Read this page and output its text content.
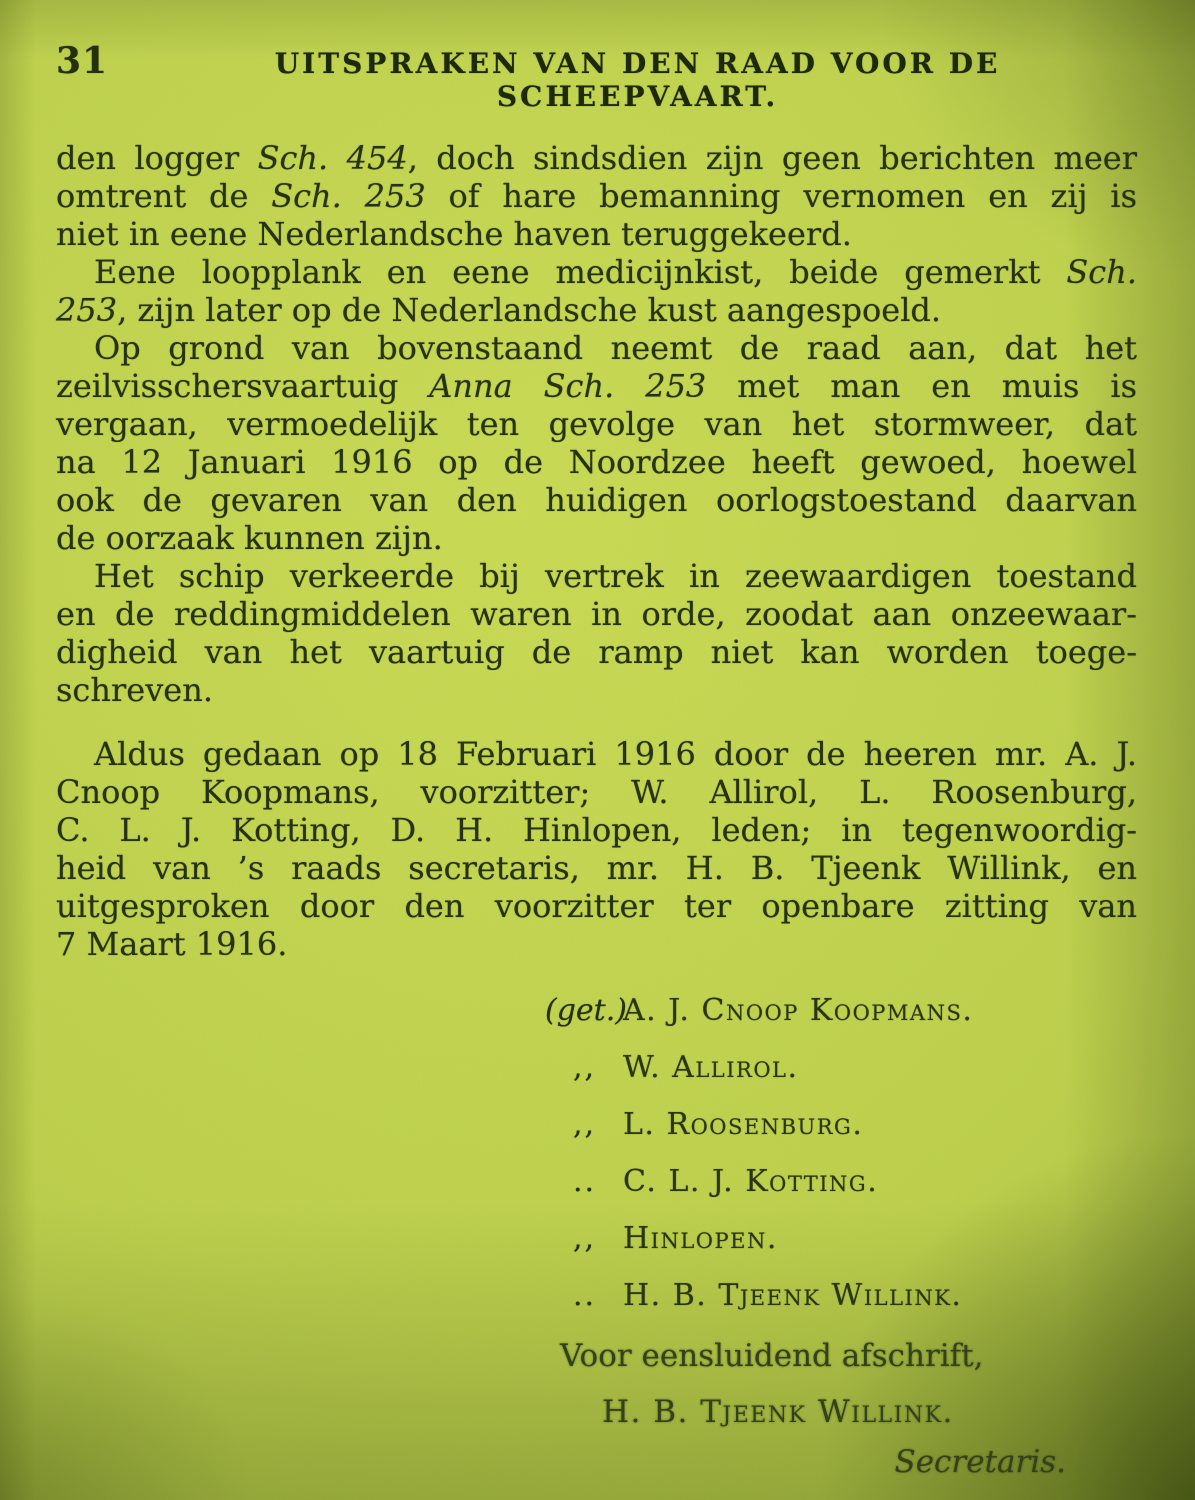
31	UITSPRAKEN VAN DEN RAAD VOOR DE SCHEEPVAART.
den logger Sch. 454, doch sindsdien zijn geen berichten meer
omtrent de Sch. 253 of hare bemanning vernomen en zij is
niet in eene Nederlandsche haven teruggekeerd.
Eene loopplank en eene medicijnkist, beide gemerkt Sch.
253, zijn later op de Nederlandsche kust aangespoeld.
Op grond van bovenstaand neemt de raad aan, dat het
zeilvisschersvaartuig Anna Sch. 253 met man en muis is
vergaan, vermoedelijk ten gevolge van het stormweer, dat
na 12 Januari 1916 op de Noordzee heeft gewoed, hoewel
ook de gevaren van den huidigen oorlogstoestand daarvan
de oorzaak kunnen zijn.
Het schip verkeerde bij vertrek in zeewaardigen toestand
en de reddingmiddelen waren in orde, zoodat aan onzeewaar-
digheid van het vaartuig de ramp niet kan worden toege-
schreven.
Aldus gedaan op 18 Februari 1916 door de heeren mr. A. J.
Cnoop Koopmans, voorzitter; W. Allirol, L. Roosenburg,
C. L. J. Kotting, D. H. Hinlopen, leden; in tegenwoordig-
heid van ’s raads secretaris, mr. H. B. Tjeenk Willink, en
uitgesproken door den voorzitter ter openbare zitting van
7 Maart 1916.
(get.)
A. J. Cnoop Koopmans.
,, W. Allirol.
,, L. Roosenburg.
.. C. L. J. Kotting.
,, Hinlopen.
.. H. B. Tjeenk Willink.
Voor eensluidend afschrift,
H. B. Tjeenk Willink.
Secretaris.
